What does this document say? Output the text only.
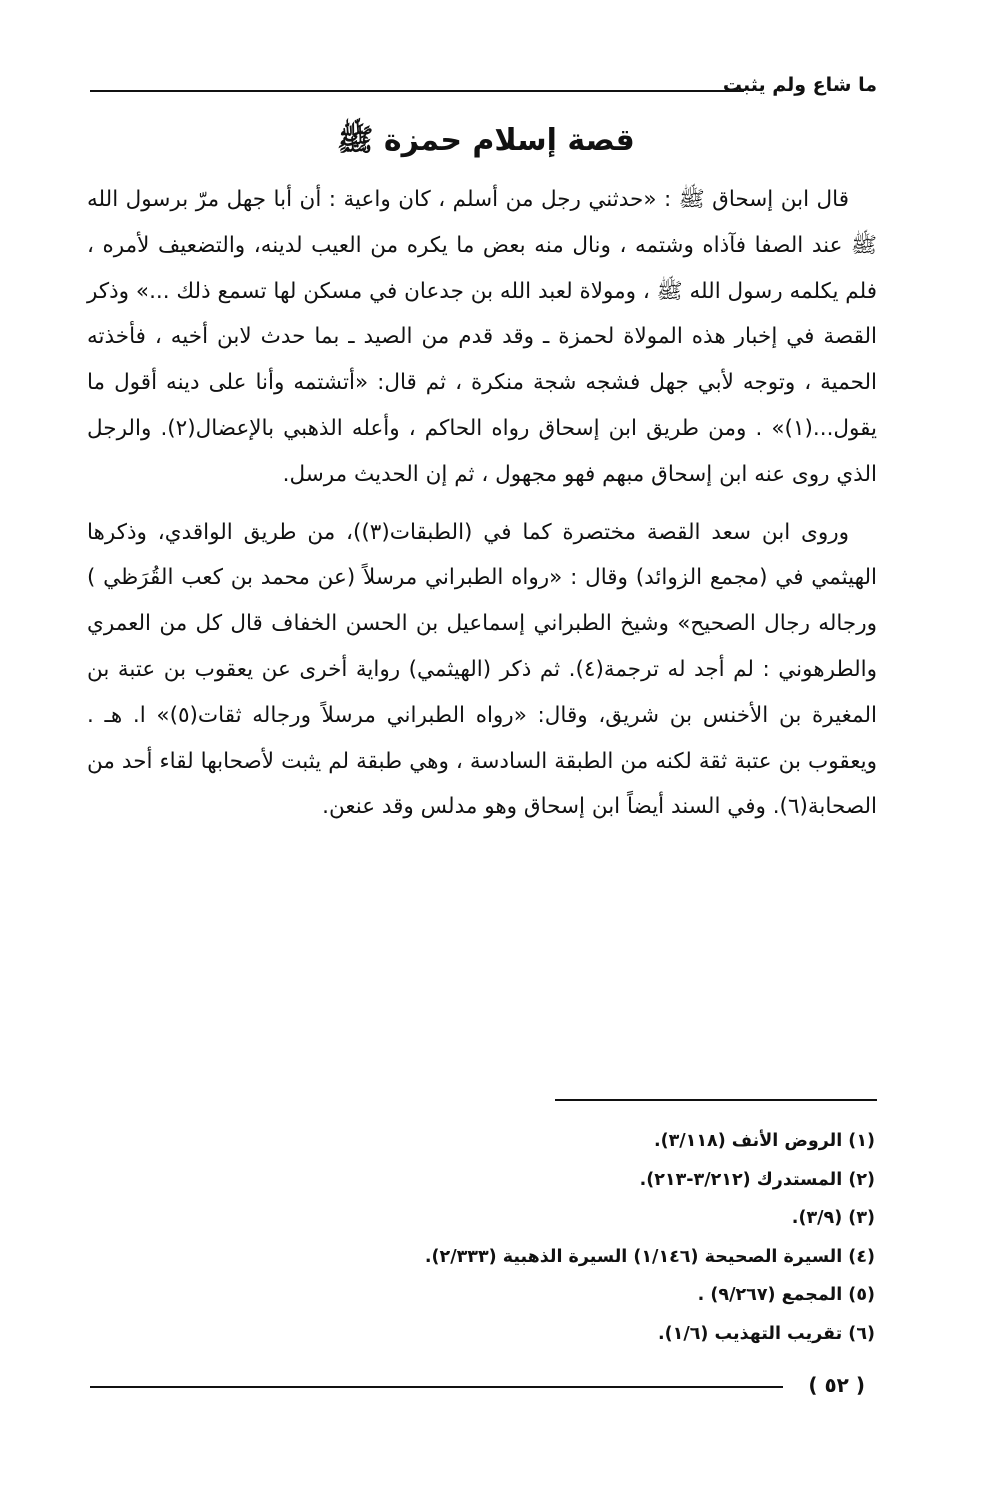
ما شاع ولم يثبت
قصة إسلام حمزة ﷺ

قال ابن إسحاق ﷺ : «حدثني رجل من أسلم ، كان واعية : أن أبا جهل مرّ برسول الله ﷺ عند الصفا فآذاه وشتمه ، ونال منه بعض ما يكره من العيب لدينه، والتضعيف لأمره ، فلم يكلمه رسول الله ﷺ ، ومولاة لعبد الله بن جدعان في مسكن لها تسمع ذلك ...» وذكر القصة في إخبار هذه المولاة لحمزة ـ وقد قدم من الصيد ـ بما حدث لابن أخيه ، فأخذته الحمية ، وتوجه لأبي جهل فشجه شجة منكرة ، ثم قال: «أتشتمه وأنا على دينه أقول ما يقول...(١)» . ومن طريق ابن إسحاق رواه الحاكم ، وأعله الذهبي بالإعضال(٢). والرجل الذي روى عنه ابن إسحاق مبهم فهو مجهول ، ثم إن الحديث مرسل.

وروى ابن سعد القصة مختصرة كما في (الطبقات(٣))، من طريق الواقدي، وذكرها الهيثمي في (مجمع الزوائد) وقال : «رواه الطبراني مرسلاً (عن محمد بن كعب القُرَظي ) ورجاله رجال الصحيح» وشيخ الطبراني إسماعيل بن الحسن الخفاف قال كل من العمري والطرهوني : لم أجد له ترجمة(٤). ثم ذكر (الهيثمي) رواية أخرى عن يعقوب بن عتبة بن المغيرة بن الأخنس بن شريق، وقال: «رواه الطبراني مرسلاً ورجاله ثقات(٥)» ا. هـ . ويعقوب بن عتبة ثقة لكنه من الطبقة السادسة ، وهي طبقة لم يثبت لأصحابها لقاء أحد من الصحابة(٦). وفي السند أيضاً ابن إسحاق وهو مدلس وقد عنعن.

(١) الروض الأنف (٣/١١٨).
(٢) المستدرك (٣/٢١٢-٢١٣).
(٣) (٣/٩).
(٤) السيرة الصحيحة (١/١٤٦) السيرة الذهبية (٢/٣٣٣).
(٥) المجمع (٩/٢٦٧) .
(٦) تقريب التهذيب (١/٦).
( ٥٢ )
